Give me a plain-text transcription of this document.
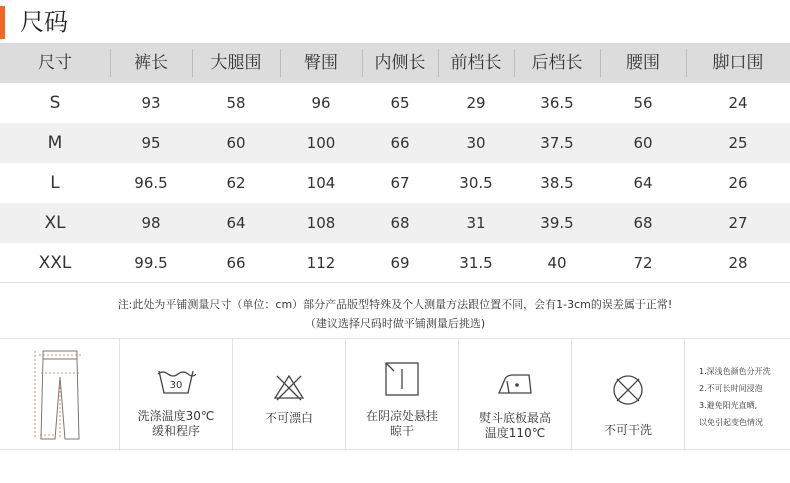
尺码
尺寸	裤长	大腿围	臀围	内侧长	前档长	后档长	腰围	脚口围
S	93	58	96	65	29	36.5	56	24
M	95	60	100	66	30	37.5	60	25
L	96.5	62	104	67	30.5	38.5	64	26
XL	98	64	108	68	31	39.5	68	27
XXL	99.5	66	112	69	31.5	40	72	28
注:此处为平铺测量尺寸（单位：cm）部分产品版型特殊及个人测量方法跟位置不同，会有1-3cm的误差属于正常!
（建议选择尺码时做平铺测量后挑选)
30
洗涤温度30℃
缓和程序
不可漂白	在阴凉处悬挂
晾干
熨斗底板最高
温度110℃	不可干洗
1.深浅色颜色分开洗
2.不可长时间浸泡
3.避免阳光直晒,
以免引起变色情况
